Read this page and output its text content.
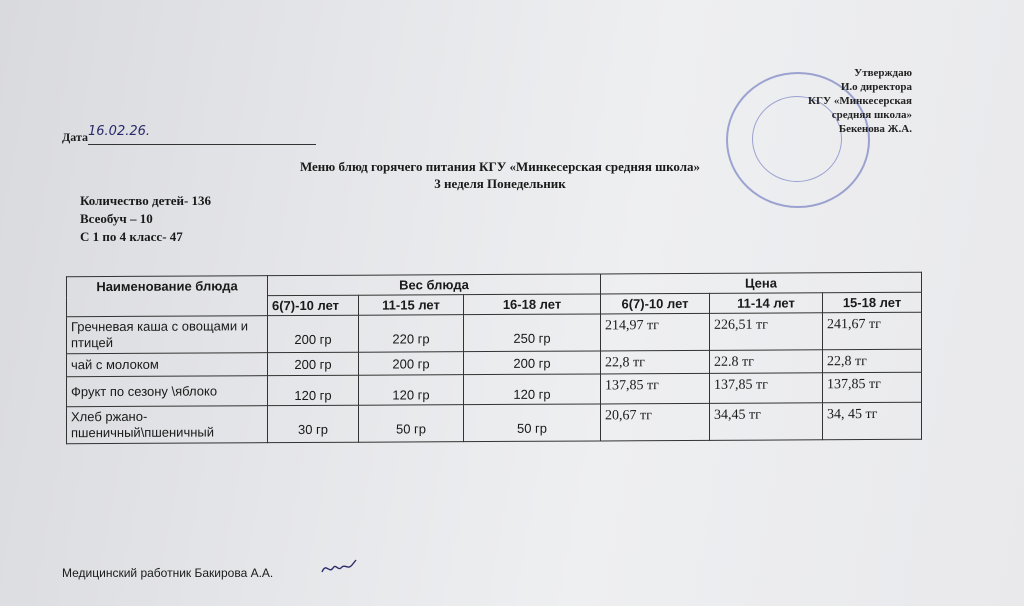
Утверждаю
И.о директора
КГУ «Минкесерская
средняя школа»
Бекенова Ж.А.
Дата 16.02.26.
Меню блюд горячего питания КГУ «Минкесерская средняя школа»
3 неделя Понедельник
Количество детей- 136
Всеобуч – 10
С 1 по 4 класс- 47
Наименование блюда	Вес блюда			Цена		
	6(7)-10 лет	11-15 лет	16-18 лет	6(7)-10 лет	11-14 лет	15-18 лет
Гречневая каша с овощами и птицей	200 гр	220 гр	250 гр	214,97 тг	226,51 тг	241,67 тг
чай с молоком	200 гр	200 гр	200 гр	22,8 тг	22.8 тг	22,8 тг
Фрукт по сезону \яблоко	120 гр	120 гр	120 гр	137,85 тг	137,85 тг	137,85 тг
Хлеб ржано-пшеничный\пшеничный	30 гр	50 гр	50 гр	20,67 тг	34,45 тг	34, 45 тг
Медицинский работник Бакирова А.А.
